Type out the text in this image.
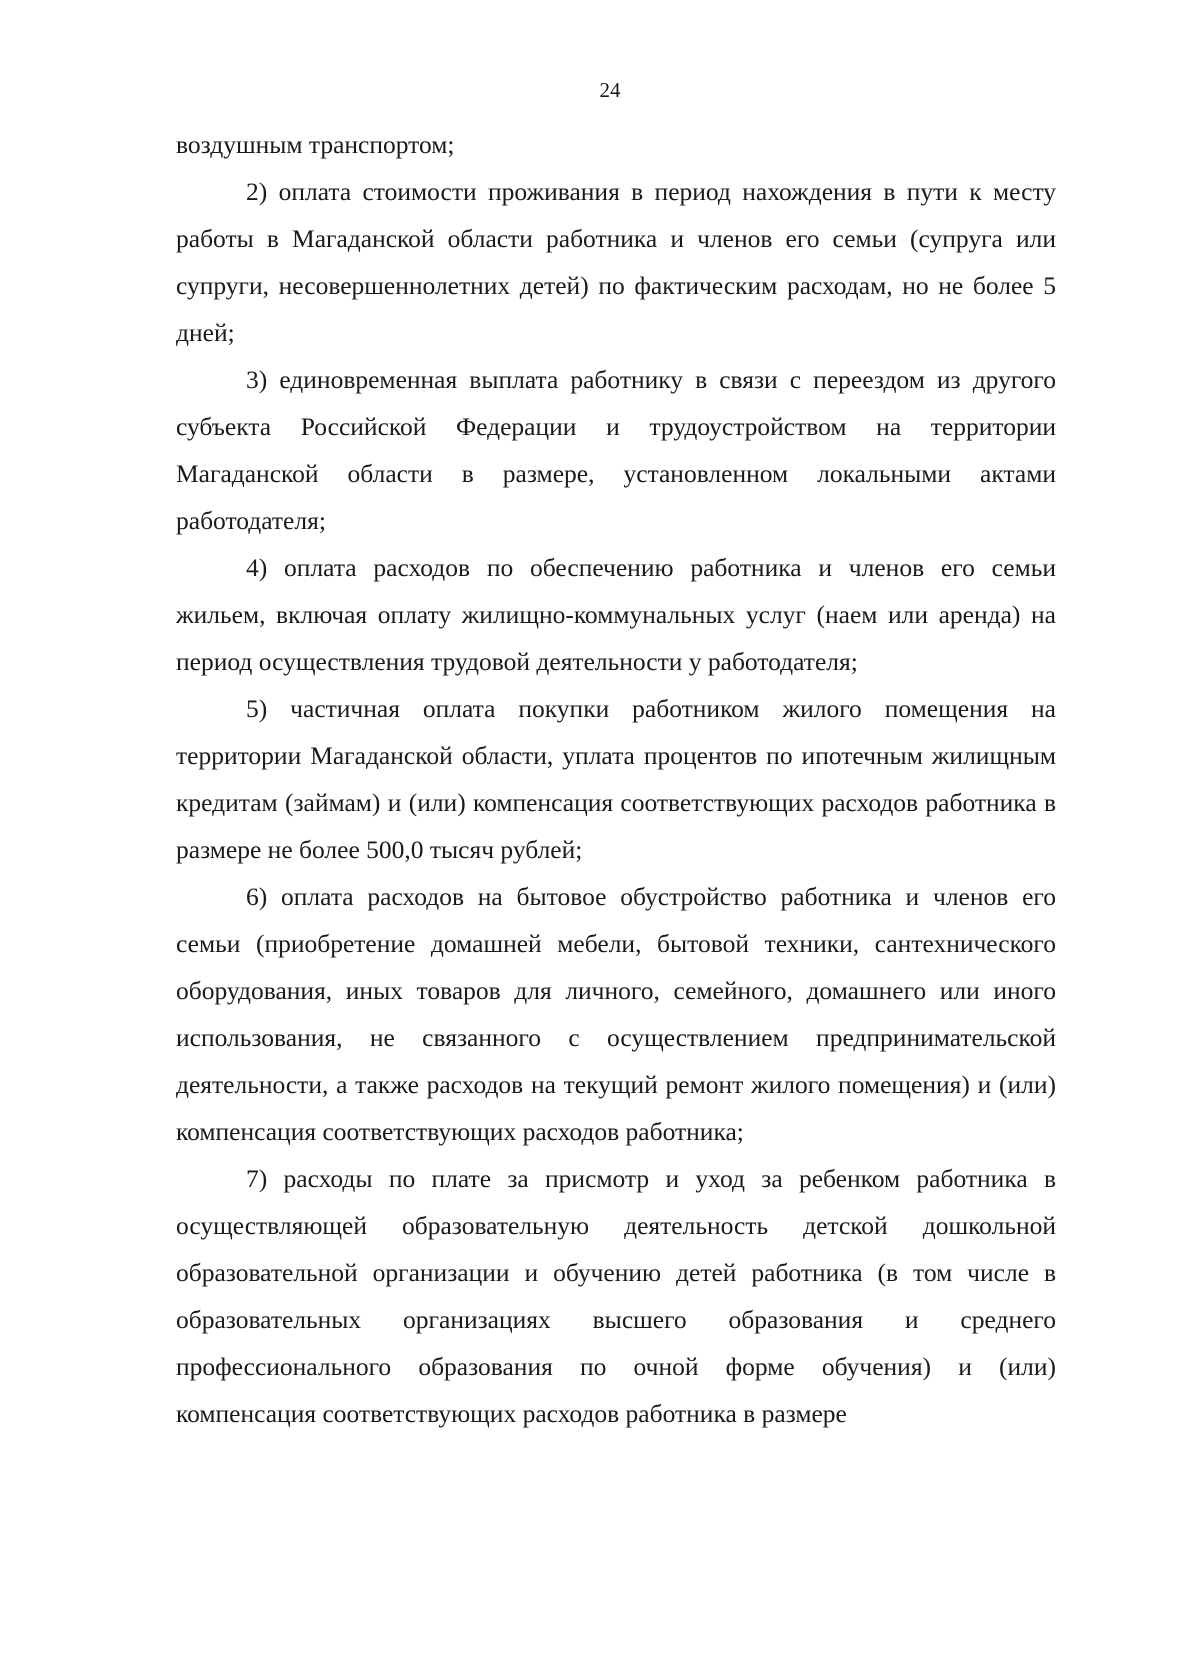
24

воздушным транспортом;

2) оплата стоимости проживания в период нахождения в пути к месту работы в Магаданской области работника и членов его семьи (супруга или супруги, несовершеннолетних детей) по фактическим расходам, но не более 5 дней;

3) единовременная выплата работнику в связи с переездом из другого субъекта Российской Федерации и трудоустройством на территории Магаданской области в размере, установленном локальными актами работодателя;

4) оплата расходов по обеспечению работника и членов его семьи жильем, включая оплату жилищно-коммунальных услуг (наем или аренда) на период осуществления трудовой деятельности у работодателя;

5) частичная оплата покупки работником жилого помещения на территории Магаданской области, уплата процентов по ипотечным жилищным кредитам (займам) и (или) компенсация соответствующих расходов работника в размере не более 500,0 тысяч рублей;

6) оплата расходов на бытовое обустройство работника и членов его семьи (приобретение домашней мебели, бытовой техники, сантехнического оборудования, иных товаров для личного, семейного, домашнего или иного использования, не связанного с осуществлением предпринимательской деятельности, а также расходов на текущий ремонт жилого помещения) и (или) компенсация соответствующих расходов работника;

7) расходы по плате за присмотр и уход за ребенком работника в осуществляющей образовательную деятельность детской дошкольной образовательной организации и обучению детей работника (в том числе в образовательных организациях высшего образования и среднего профессионального образования по очной форме обучения) и (или) компенсация соответствующих расходов работника в размере
